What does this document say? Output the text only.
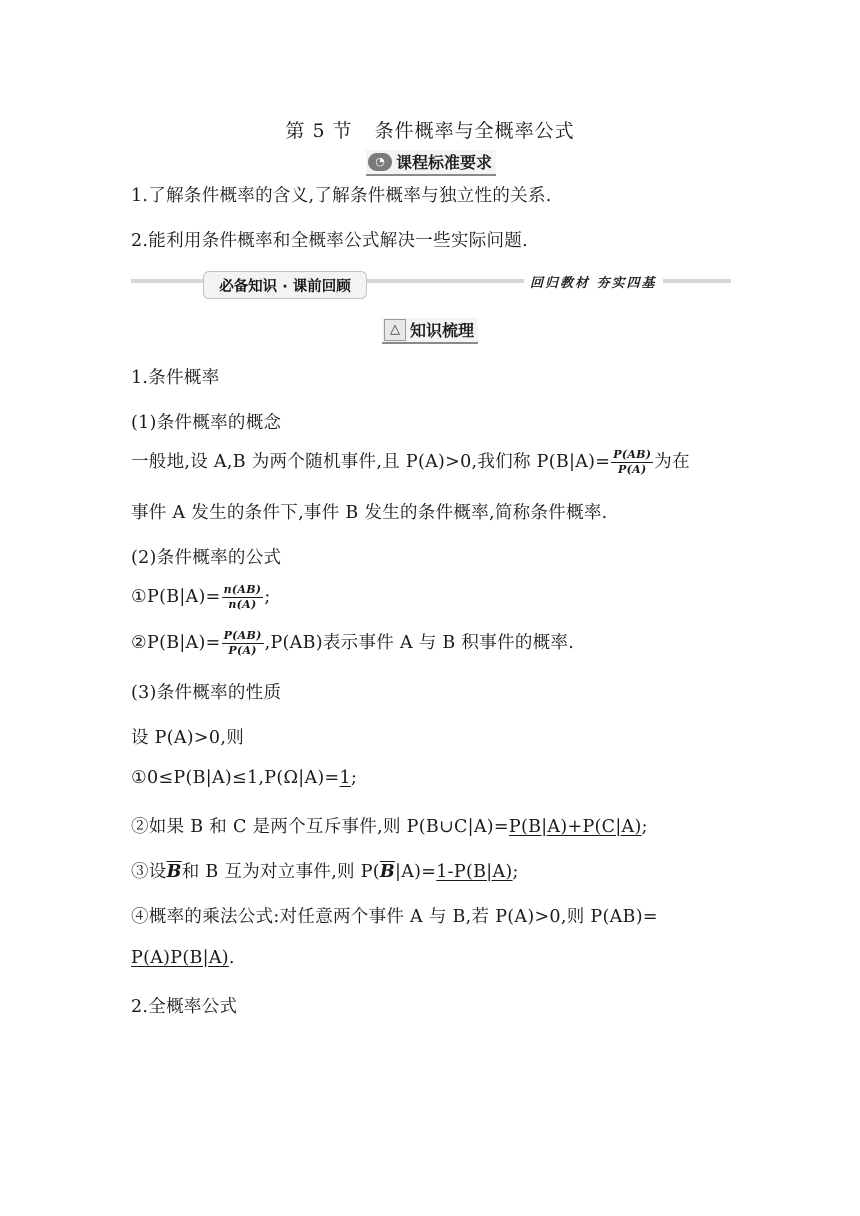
第 5 节 条件概率与全概率公式
◔ 课程标准要求
1.了解条件概率的含义,了解条件概率与独立性的关系.
2.能利用条件概率和全概率公式解决一些实际问题.
必备知识 · 课前回顾	回归教材 夯实四基
△ 知识梳理
1.条件概率
(1)条件概率的概念
一般地,设 A,B 为两个随机事件,且 P(A)>0,我们称 $P(B|A)= \frac{P(AB)}{P(A)}$ 为在
事件 A 发生的条件下,事件 B 发生的条件概率,简称条件概率.
(2)条件概率的公式
①P(B|A)= $\frac{n(AB)}{n(A)}$ ;
②P(B|A)= $\frac{P(AB)}{P(A)} ,P(AB)$表示事件 A 与 B 积事件的概率.
(3)条件概率的性质
设 P(A)>0,则
①0≤P(B|A)≤1,P(Ω|A)=1;
②如果 B 和 C 是两个互斥事件,则 P(B∪C|A)=P(B|A)+P(C|A);
③设$\overline{B}$和 B 互为对立事件,则 $P(\overline{B}|A)=1-P(B|A)$;
④概率的乘法公式:对任意两个事件 A 与 B,若 P(A)>0,则 P(AB)=
P(A)P(B|A).
2.全概率公式
